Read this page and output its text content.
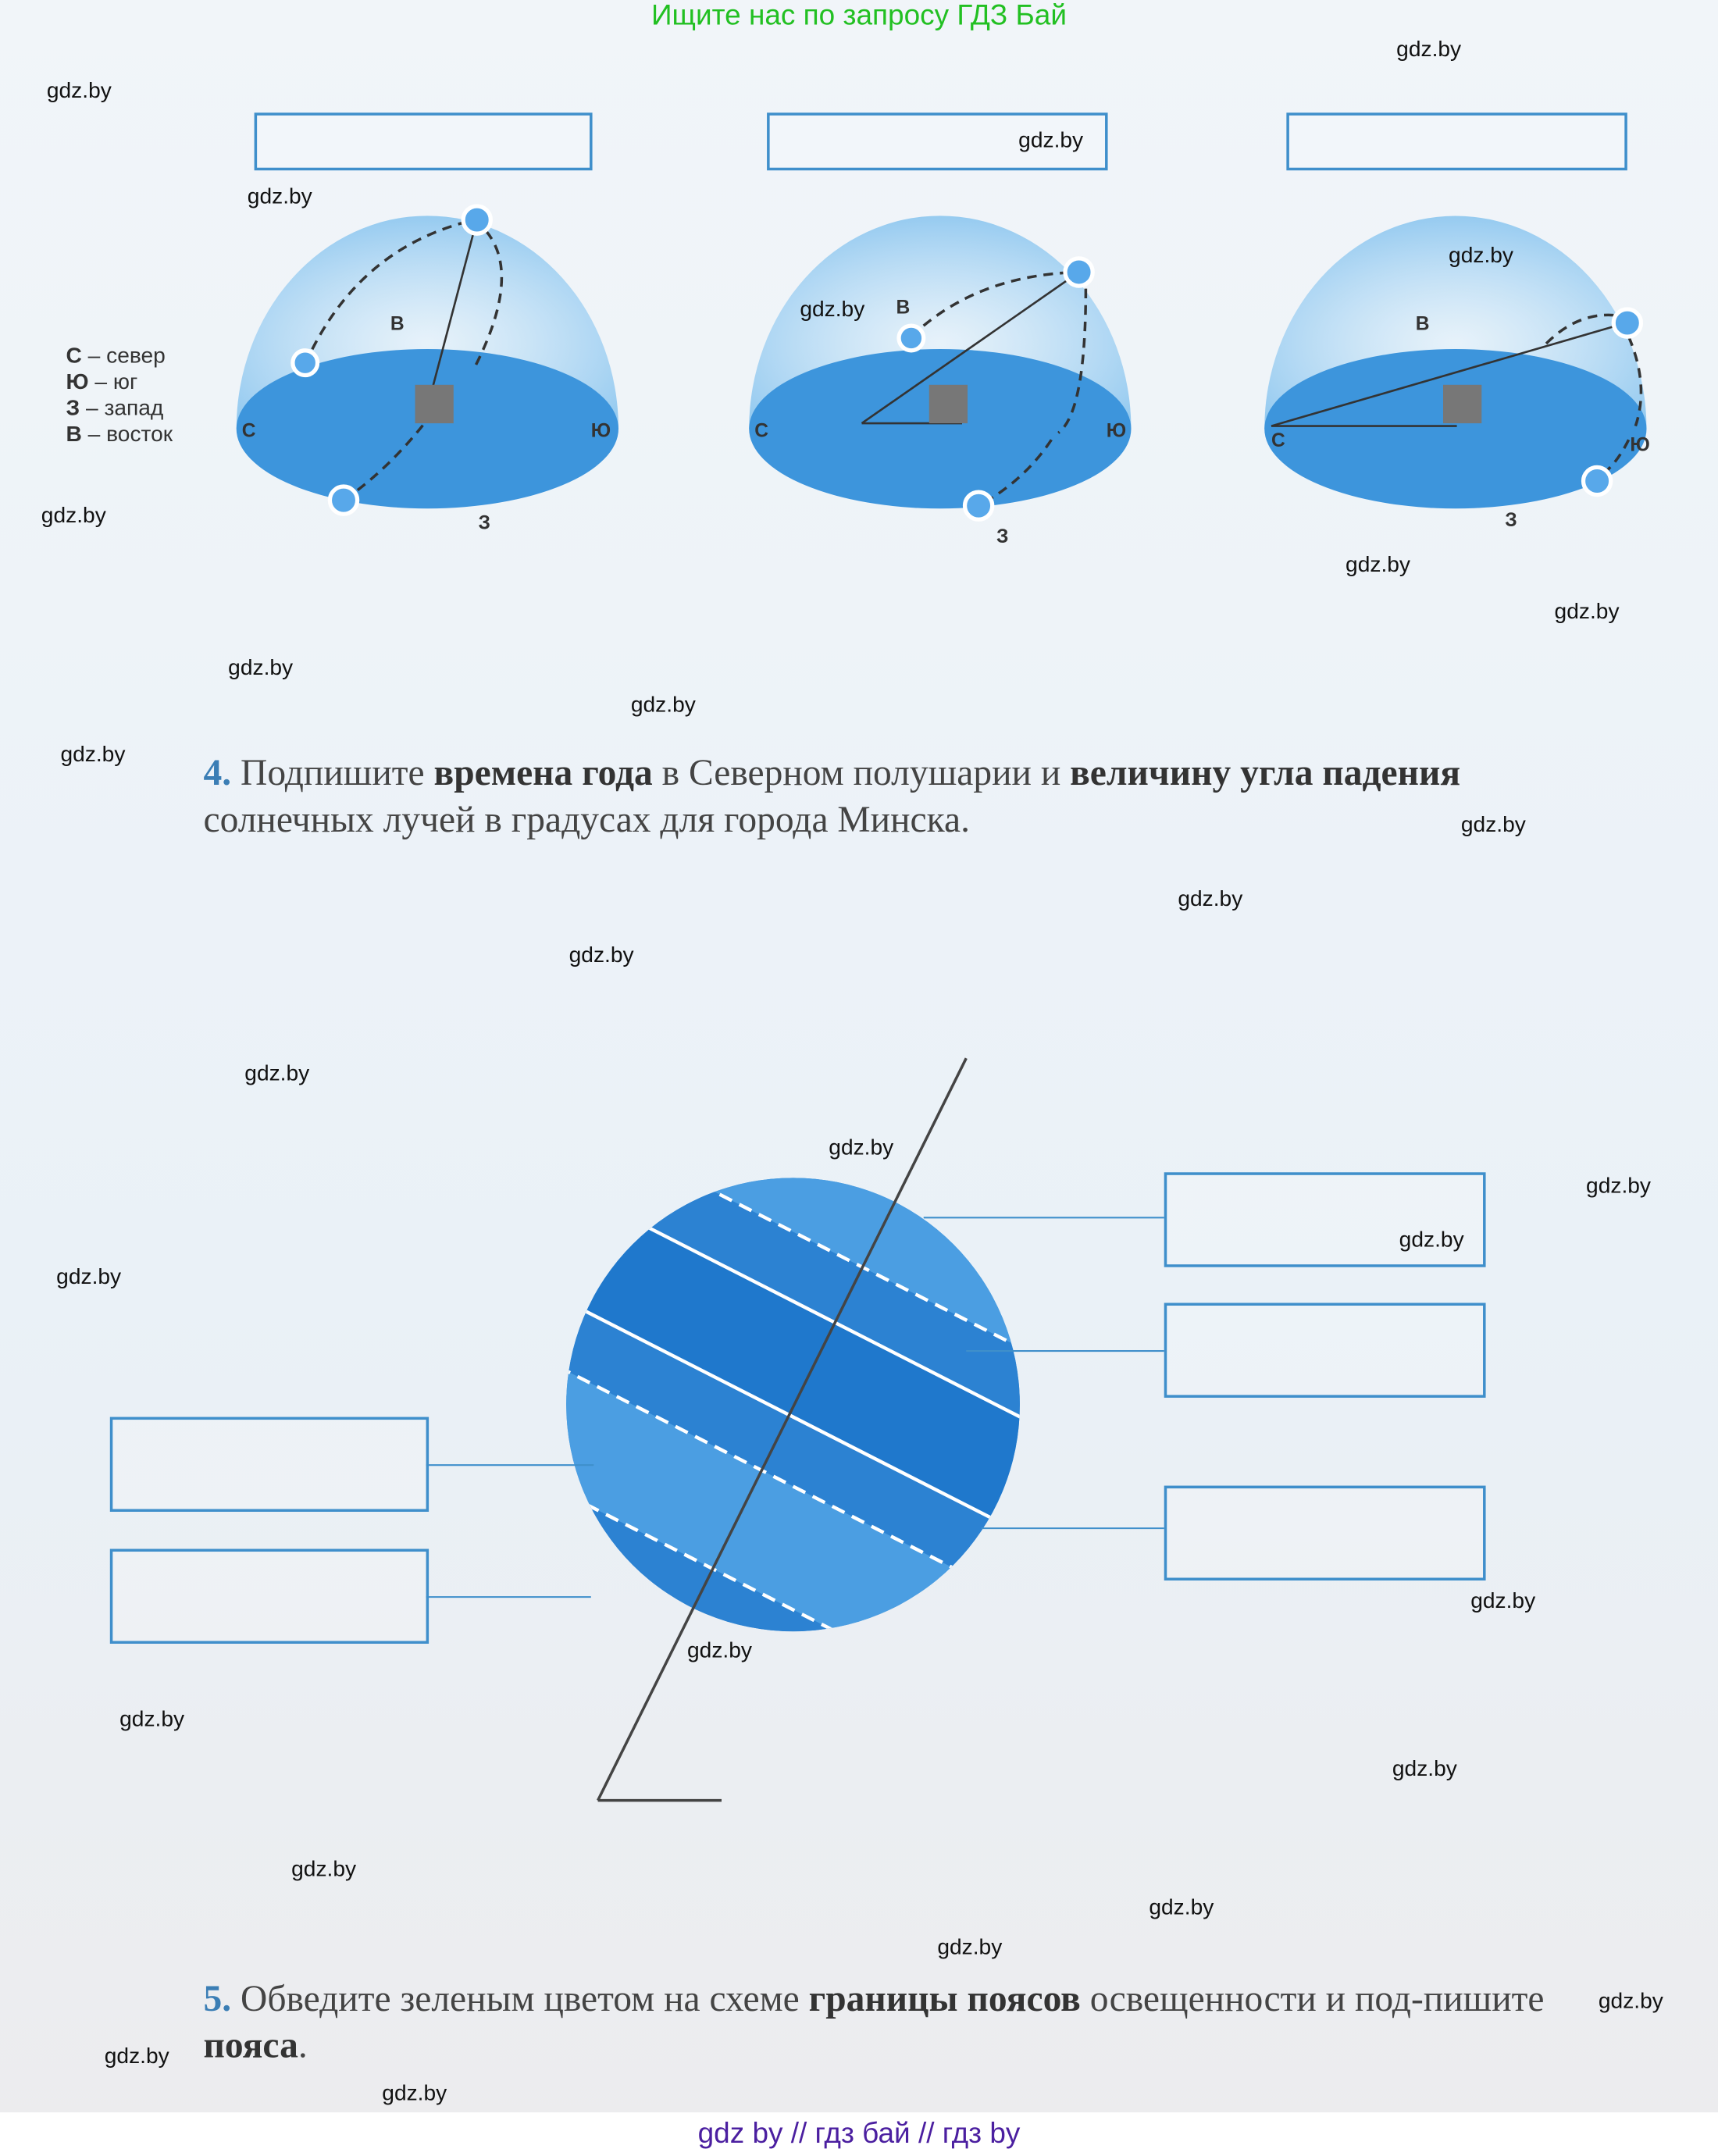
Ищите нас по запросу ГДЗ Бай
С – север
Ю – юг
З – запад
В – восток	С	Ю
В
З
С	Ю
В
З
С	Ю
В
З
4. Подпишите времена года в Северном полушарии и величину угла падения солнечных лучей в градусах для города Минска.
5. Обведите зеленым цветом на схеме границы поясов освещенности и под-пишите пояса.
gdz.by
gdz.by
gdz.by
gdz.by
gdz.by
gdz.by
gdz.by
gdz.by
gdz.by
gdz.by
gdz.by
gdz.by
gdz.by
gdz.by
gdz.by
gdz.by
gdz.by
gdz.by
gdz.by
gdz.by
gdz.by
gdz.by
gdz.by
gdz.by
gdz.by
gdz.by
gdz.by
gdz.by
gdz.by
gdz.by
gdz by // гдз бай // гдз by
